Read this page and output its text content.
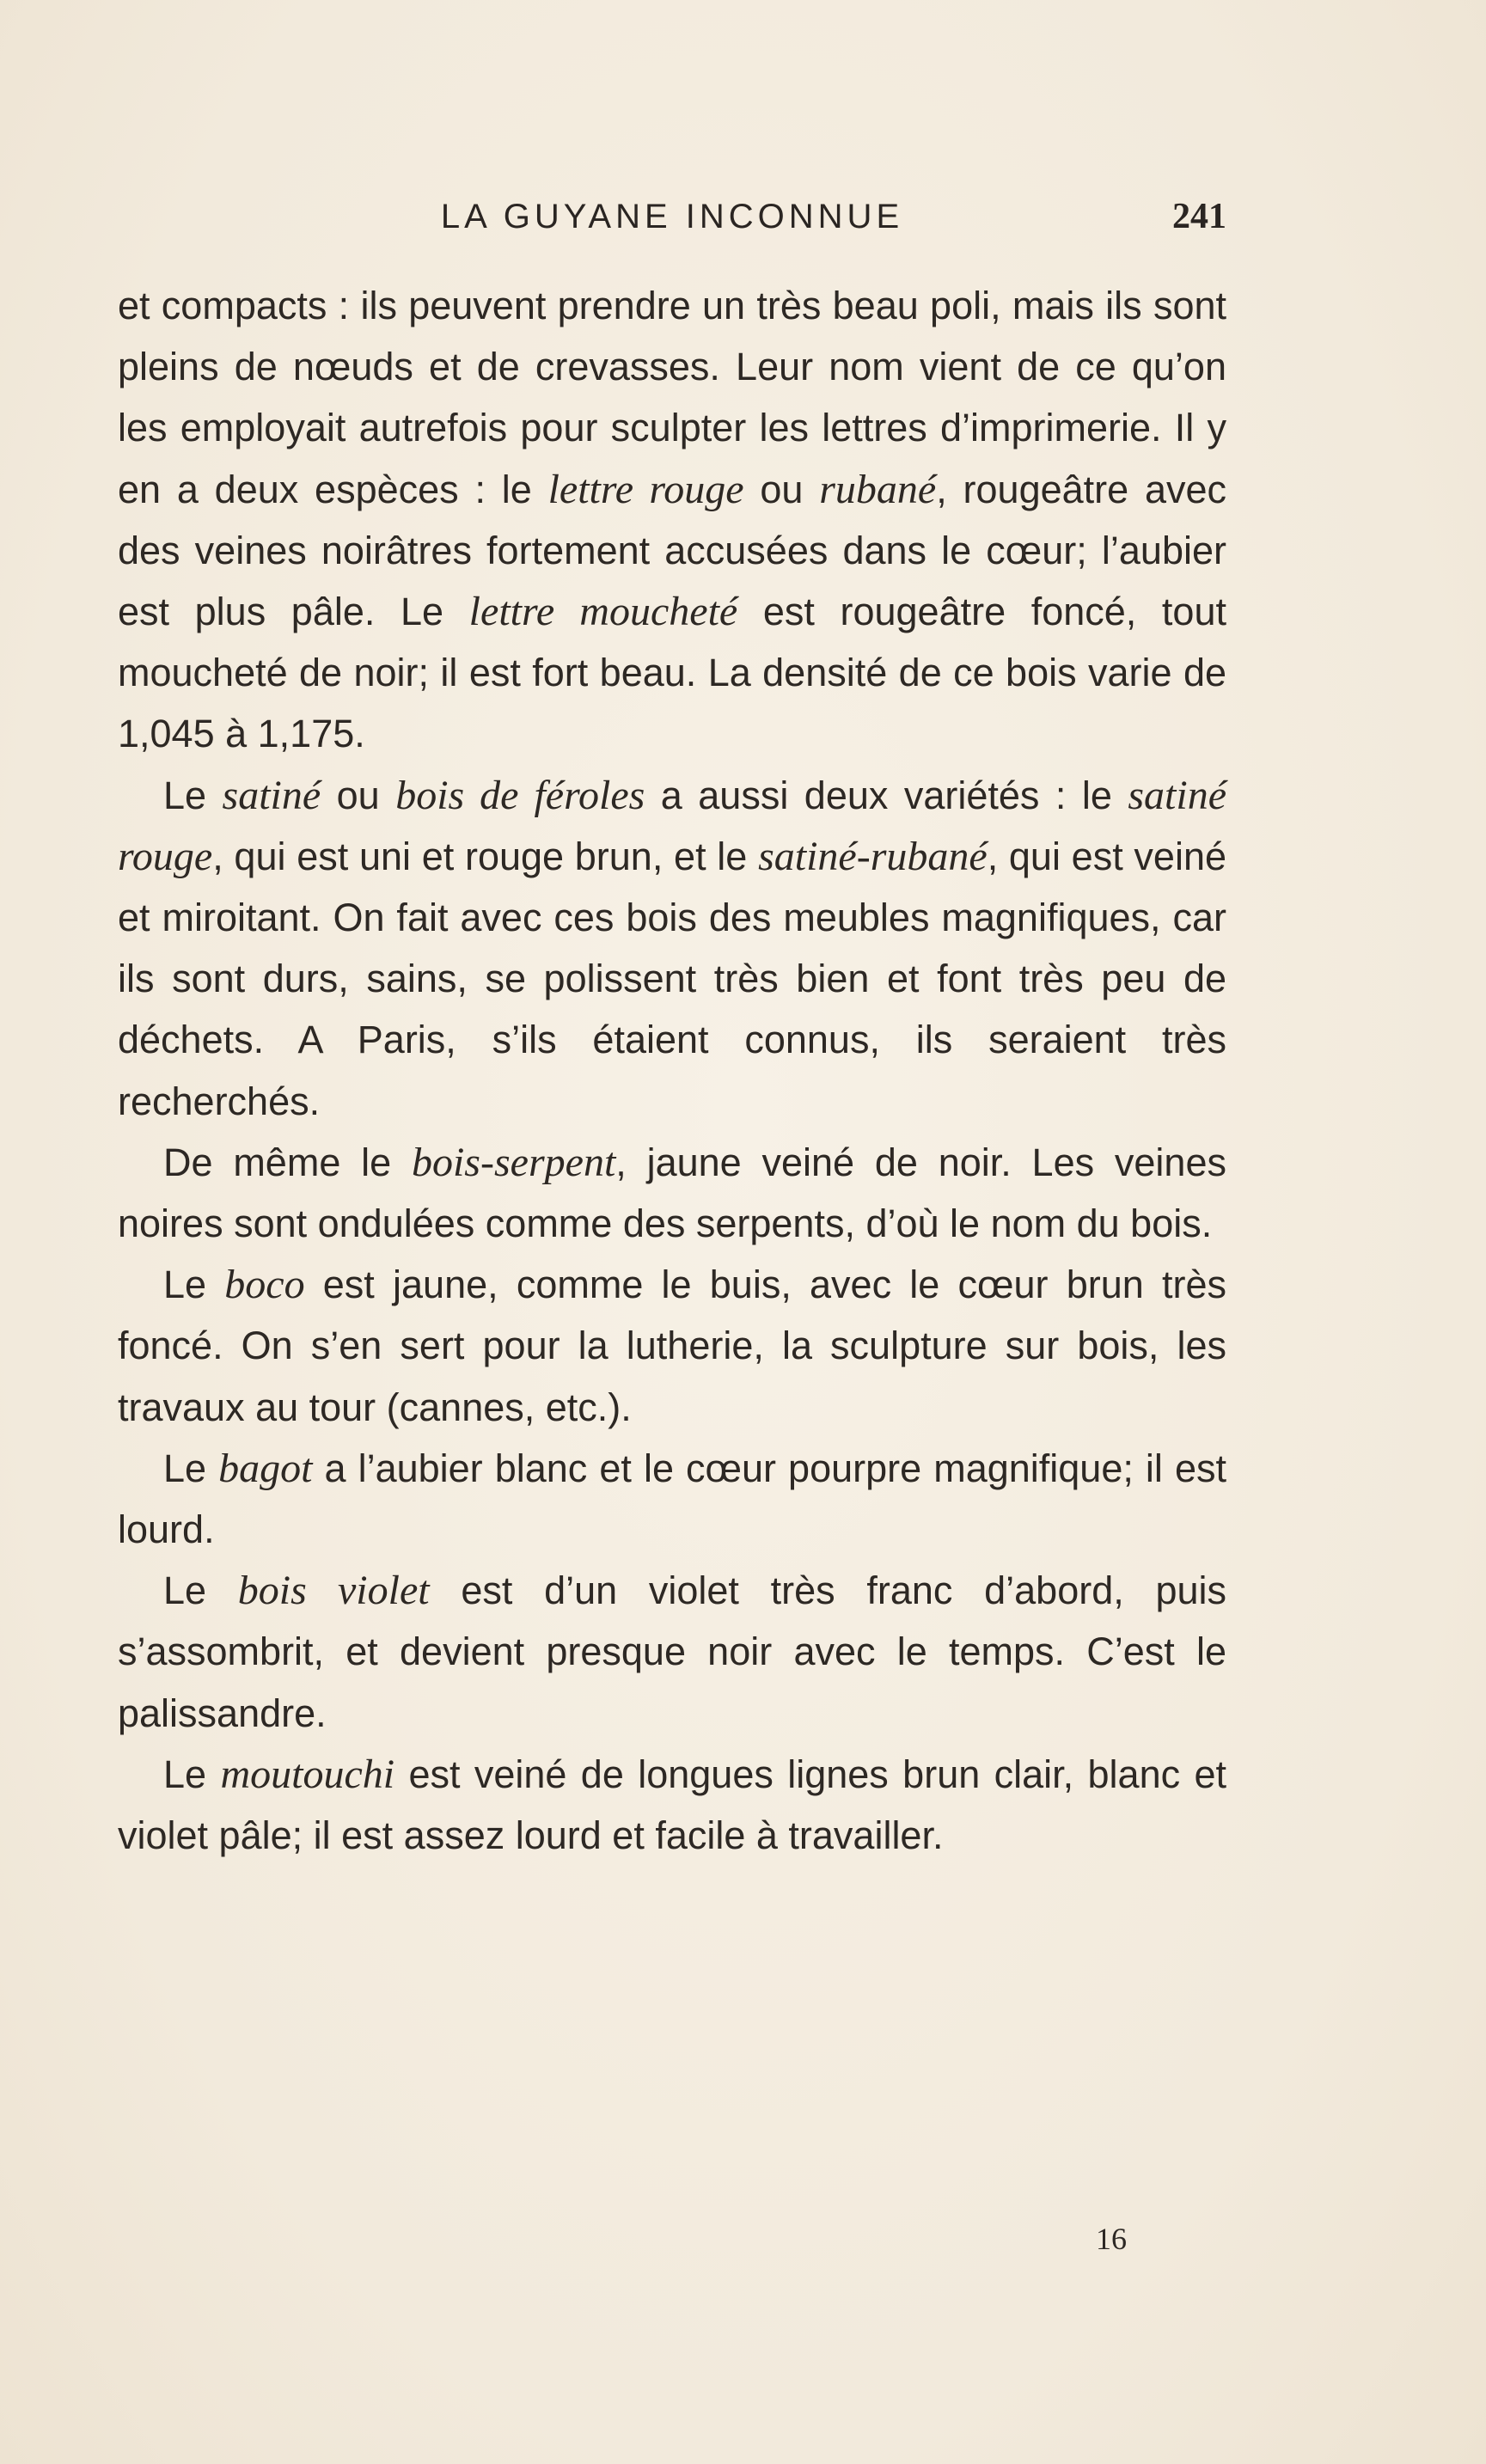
LA GUYANE INCONNUE	241

et compacts : ils peuvent prendre un très beau poli, mais ils sont pleins de nœuds et de crevasses. Leur nom vient de ce qu’on les employait autrefois pour sculpter les lettres d’imprimerie. Il y en a deux espèces : le lettre rouge ou rubané, rougeâtre avec des veines noirâtres fortement accusées dans le cœur; l’aubier est plus pâle. Le lettre moucheté est rougeâtre foncé, tout moucheté de noir; il est fort beau. La densité de ce bois varie de 1,045 à 1,175.

Le satiné ou bois de féroles a aussi deux variétés : le satiné rouge, qui est uni et rouge brun, et le satiné-rubané, qui est veiné et miroitant. On fait avec ces bois des meubles magnifiques, car ils sont durs, sains, se polissent très bien et font très peu de déchets. A Paris, s’ils étaient connus, ils seraient très recherchés.

De même le bois-serpent, jaune veiné de noir. Les veines noires sont ondulées comme des serpents, d’où le nom du bois.

Le boco est jaune, comme le buis, avec le cœur brun très foncé. On s’en sert pour la lutherie, la sculpture sur bois, les travaux au tour (cannes, etc.).

Le bagot a l’aubier blanc et le cœur pourpre magnifique; il est lourd.

Le bois violet est d’un violet très franc d’abord, puis s’assombrit, et devient presque noir avec le temps. C’est le palissandre.

Le moutouchi est veiné de longues lignes brun clair, blanc et violet pâle; il est assez lourd et facile à travailler.

16
